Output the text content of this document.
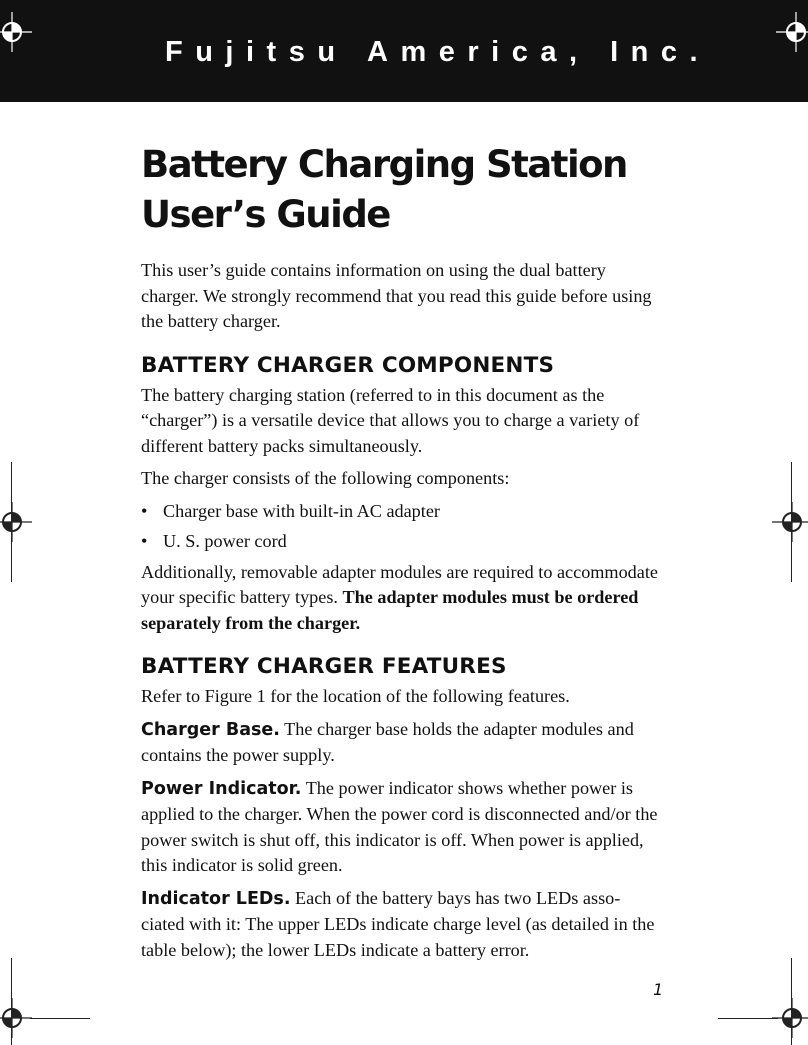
Fujitsu America, Inc.
Battery Charging Station
User’s Guide

This user’s guide contains information on using the dual battery charger. We strongly recommend that you read this guide before using the battery charger.

BATTERY CHARGER COMPONENTS

The battery charging station (referred to in this document as the “charger”) is a versatile device that allows you to charge a variety of different battery packs simultaneously.

The charger consists of the following components:

• Charger base with built-in AC adapter
• U. S. power cord

Additionally, removable adapter modules are required to accommodate your specific battery types. The adapter modules must be ordered separately from the charger.

BATTERY CHARGER FEATURES

Refer to Figure 1 for the location of the following features.

Charger Base. The charger base holds the adapter modules and contains the power supply.

Power Indicator. The power indicator shows whether power is applied to the charger. When the power cord is disconnected and/or the power switch is shut off, this indicator is off. When power is applied, this indicator is solid green.

Indicator LEDs. Each of the battery bays has two LEDs asso-ciated with it: The upper LEDs indicate charge level (as detailed in the table below); the lower LEDs indicate a battery error.

1
